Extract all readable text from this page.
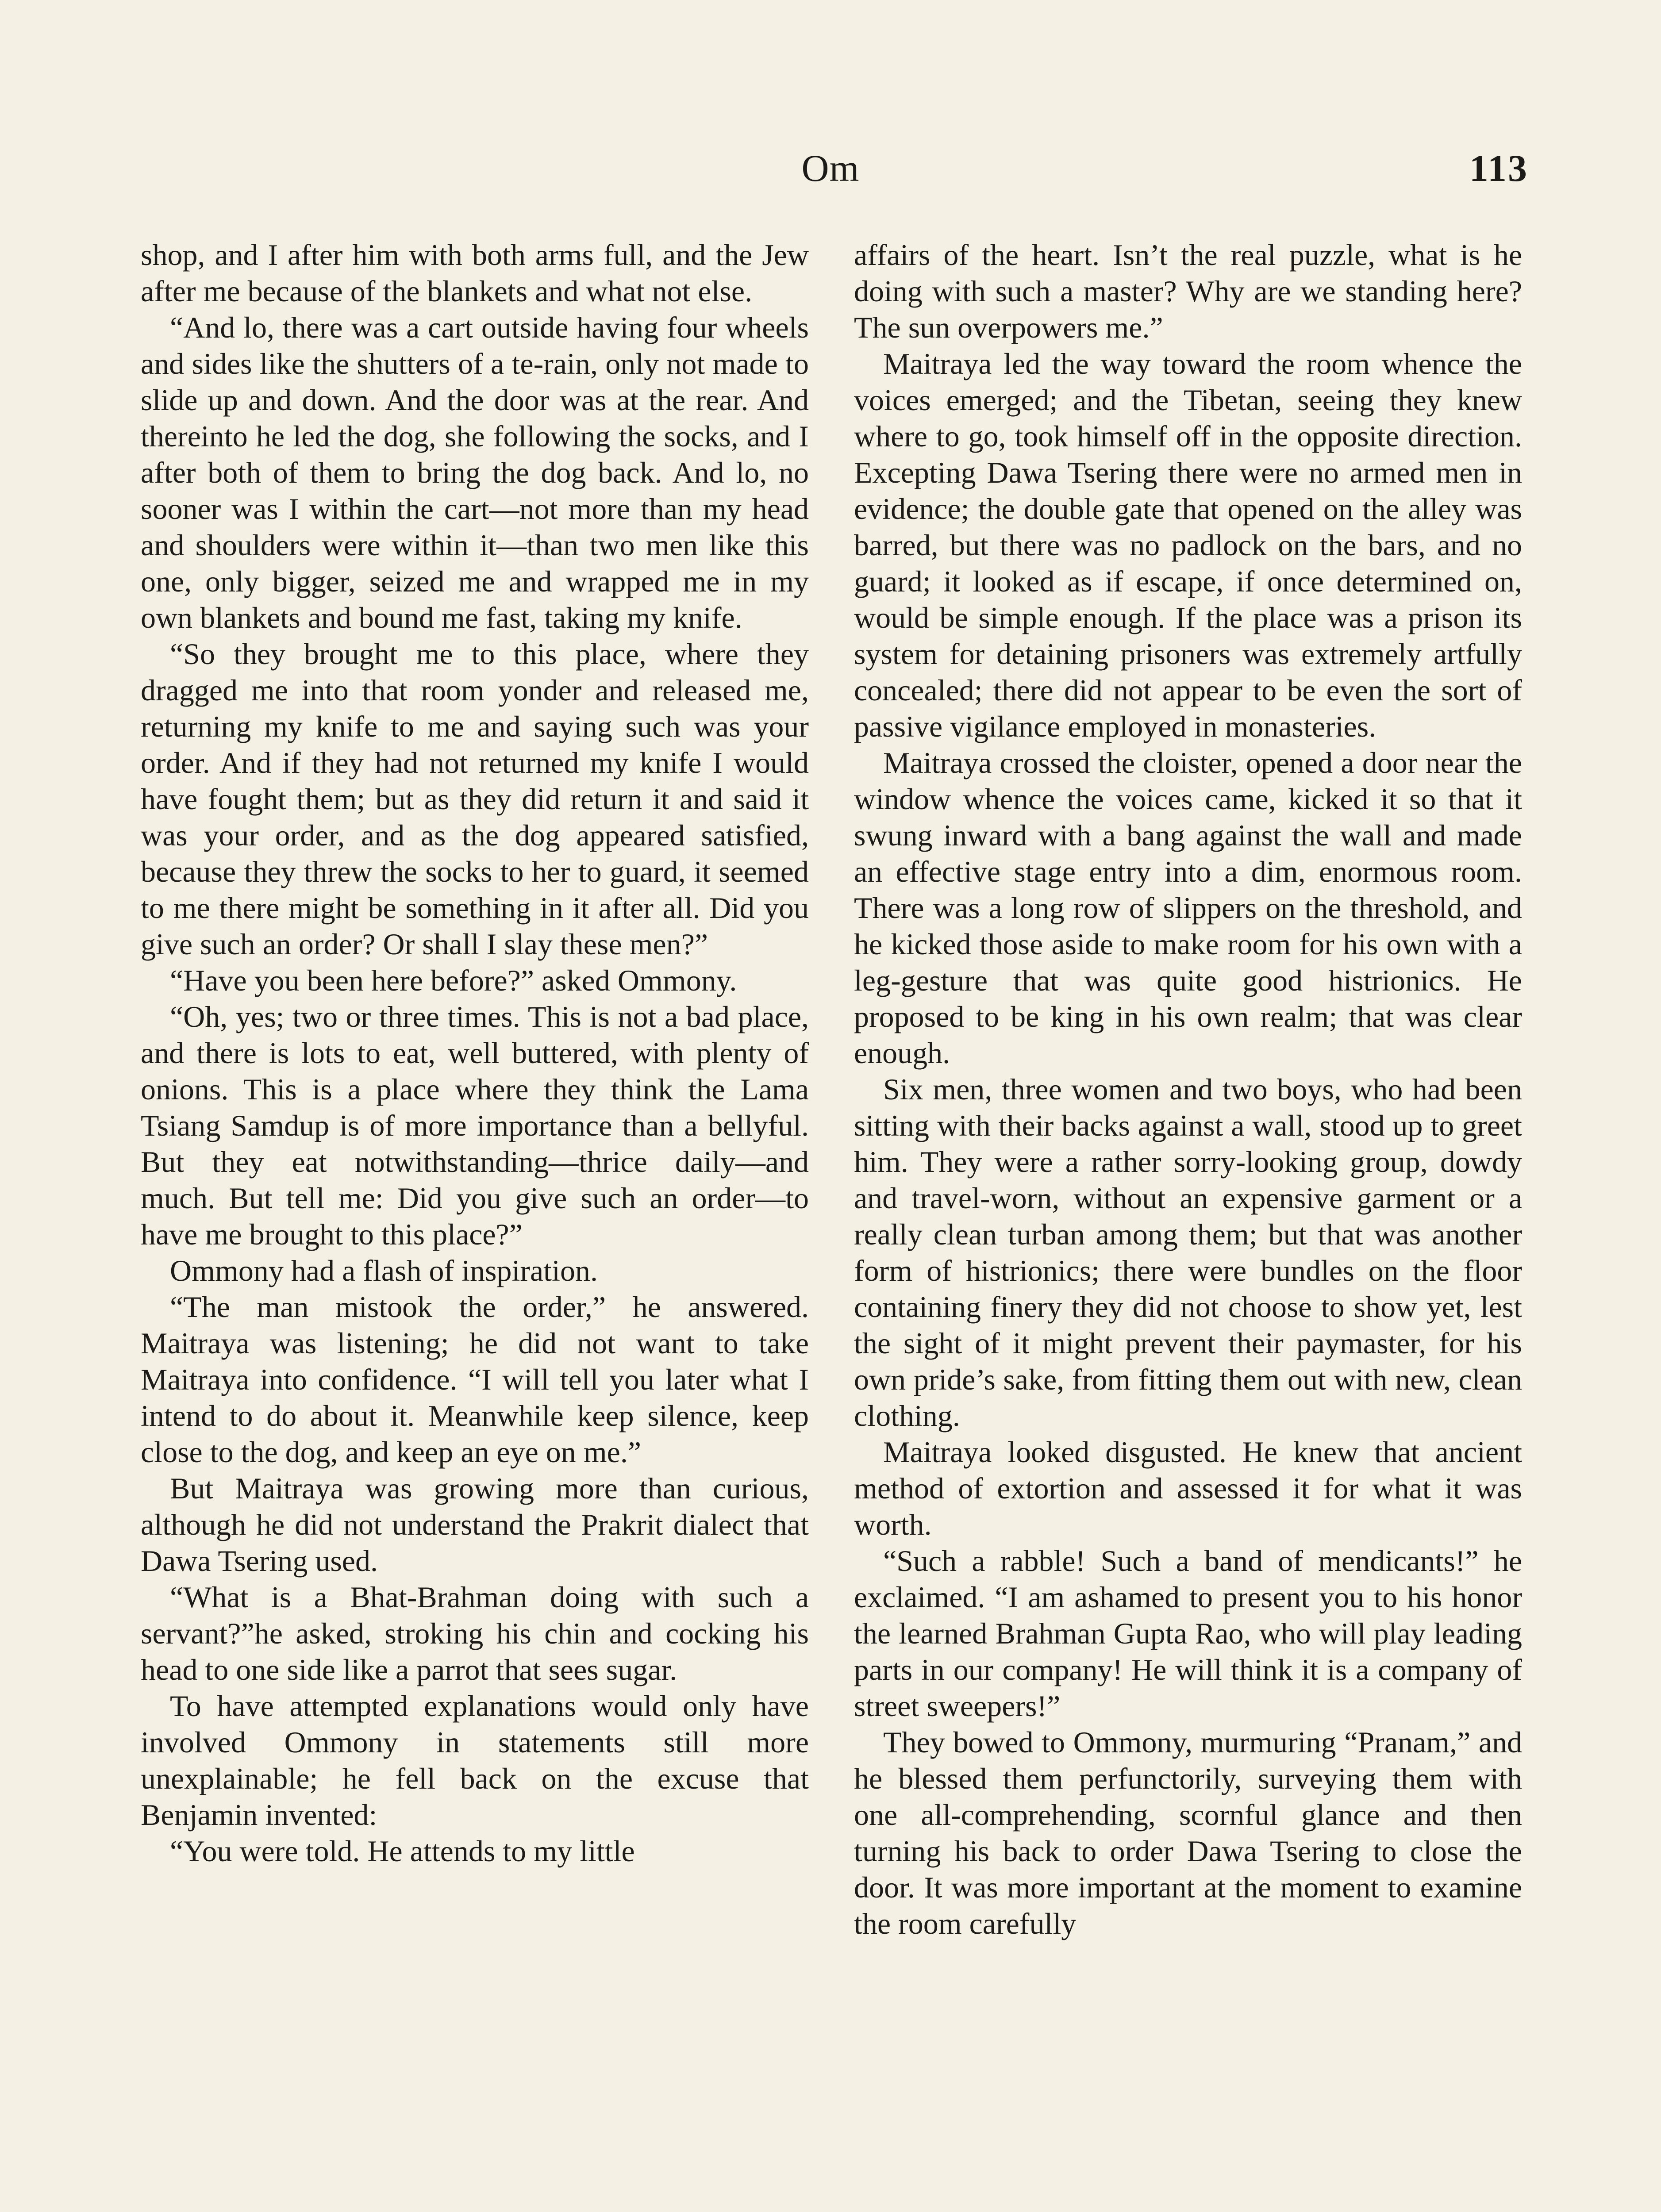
Om	113

shop, and I after him with both arms full, and the Jew after me because of the blankets and what not else.

“And lo, there was a cart outside having four wheels and sides like the shutters of a te-rain, only not made to slide up and down. And the door was at the rear. And thereinto he led the dog, she following the socks, and I after both of them to bring the dog back. And lo, no sooner was I within the cart—not more than my head and shoulders were within it—than two men like this one, only bigger, seized me and wrapped me in my own blankets and bound me fast, taking my knife.

“So they brought me to this place, where they dragged me into that room yonder and released me, returning my knife to me and saying such was your order. And if they had not returned my knife I would have fought them; but as they did return it and said it was your order, and as the dog appeared satisfied, because they threw the socks to her to guard, it seemed to me there might be something in it after all. Did you give such an order? Or shall I slay these men?”

“Have you been here before?” asked Ommony.

“Oh, yes; two or three times. This is not a bad place, and there is lots to eat, well buttered, with plenty of onions. This is a place where they think the Lama Tsiang Samdup is of more importance than a bellyful. But they eat notwithstanding—thrice daily—and much. But tell me: Did you give such an order—to have me brought to this place?”

Ommony had a flash of inspiration.

“The man mistook the order,” he answered. Maitraya was listening; he did not want to take Maitraya into confidence. “I will tell you later what I intend to do about it. Meanwhile keep silence, keep close to the dog, and keep an eye on me.”

But Maitraya was growing more than curious, although he did not understand the Prakrit dialect that Dawa Tsering used.

“What is a Bhat-Brahman doing with such a servant?”he asked, stroking his chin and cocking his head to one side like a parrot that sees sugar.

To have attempted explanations would only have involved Ommony in statements still more unexplainable; he fell back on the excuse that Benjamin invented:

“You were told. He attends to my little

affairs of the heart. Isn’t the real puzzle, what is he doing with such a master? Why are we standing here? The sun overpowers me.”

Maitraya led the way toward the room whence the voices emerged; and the Tibetan, seeing they knew where to go, took himself off in the opposite direction. Excepting Dawa Tsering there were no armed men in evidence; the double gate that opened on the alley was barred, but there was no padlock on the bars, and no guard; it looked as if escape, if once determined on, would be simple enough. If the place was a prison its system for detaining prisoners was extremely artfully concealed; there did not appear to be even the sort of passive vigilance employed in monasteries.

Maitraya crossed the cloister, opened a door near the window whence the voices came, kicked it so that it swung inward with a bang against the wall and made an effective stage entry into a dim, enormous room. There was a long row of slippers on the threshold, and he kicked those aside to make room for his own with a leg-gesture that was quite good histrionics. He proposed to be king in his own realm; that was clear enough.

Six men, three women and two boys, who had been sitting with their backs against a wall, stood up to greet him. They were a rather sorry-looking group, dowdy and travel-worn, without an expensive garment or a really clean turban among them; but that was another form of histrionics; there were bundles on the floor containing finery they did not choose to show yet, lest the sight of it might prevent their paymaster, for his own pride’s sake, from fitting them out with new, clean clothing.

Maitraya looked disgusted. He knew that ancient method of extortion and assessed it for what it was worth.

“Such a rabble! Such a band of mendicants!” he exclaimed. “I am ashamed to present you to his honor the learned Brahman Gupta Rao, who will play leading parts in our company! He will think it is a company of street sweepers!”

They bowed to Ommony, murmuring “Pranam,” and he blessed them perfunctorily, surveying them with one all-comprehending, scornful glance and then turning his back to order Dawa Tsering to close the door. It was more important at the moment to examine the room carefully
